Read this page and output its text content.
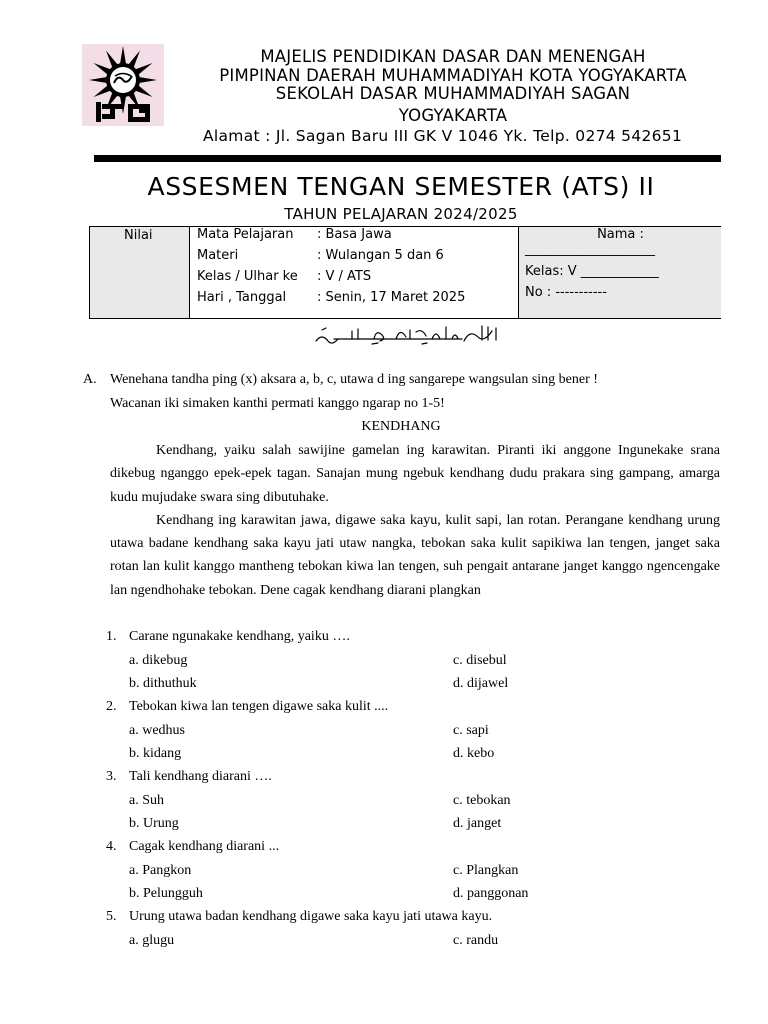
MAJELIS PENDIDIKAN DASAR DAN MENENGAH
PIMPINAN DAERAH MUHAMMADIYAH KOTA YOGYAKARTA
SEKOLAH DASAR MUHAMMADIYAH SAGAN
YOGYAKARTA
Alamat : Jl. Sagan Baru III GK V 1046 Yk. Telp. 0274 542651
ASSESMEN TENGAN SEMESTER (ATS) II
TAHUN PELAJARAN 2024/2025
Nilai	Mata Pelajaran : Basa Jawa
Materi	: Wulangan 5 dan 6
Kelas / Ulhar ke : V / ATS
Hari , Tanggal : Senin, 17 Maret 2025
Nama :
____________________
Kelas: V ____________
No : -----------
A. Wenehana tandha ping (x) aksara a, b, c, utawa d ing sangarepe wangsulan sing bener !
Wacanan iki simaken kanthi permati kanggo ngarap no 1-5!
KENDHANG

Kendhang, yaiku salah sawijine gamelan ing karawitan. Piranti iki anggone Ingunekake srana dikebug nganggo epek-epek tagan. Sanajan mung ngebuk kendhang dudu prakara sing gampang, amarga kudu mujudake swara sing dibutuhake.

Kendhang ing karawitan jawa, digawe saka kayu, kulit sapi, lan rotan. Perangane kendhang urung utawa badane kendhang saka kayu jati utaw nangka, tebokan saka kulit sapikiwa lan tengen, janget saka rotan lan kulit kanggo mantheng tebokan kiwa lan tengen, suh pengait antarane janget kanggo ngencengake lan ngendhohake tebokan. Dene cagak kendhang diarani plangkan

1. Carane ngunakake kendhang, yaiku ….
a. dikebug	c. disebul
b. dithuthuk	d. dijawel
2. Tebokan kiwa lan tengen digawe saka kulit ....
a. wedhus	c. sapi
b. kidang	d. kebo
3. Tali kendhang diarani ….
a. Suh	c. tebokan
b. Urung	d. janget
4. Cagak kendhang diarani ...
a. Pangkon	c. Plangkan
b. Pelungguh	d. panggonan
5. Urung utawa badan kendhang digawe saka kayu jati utawa kayu.
a. glugu	c. randu
